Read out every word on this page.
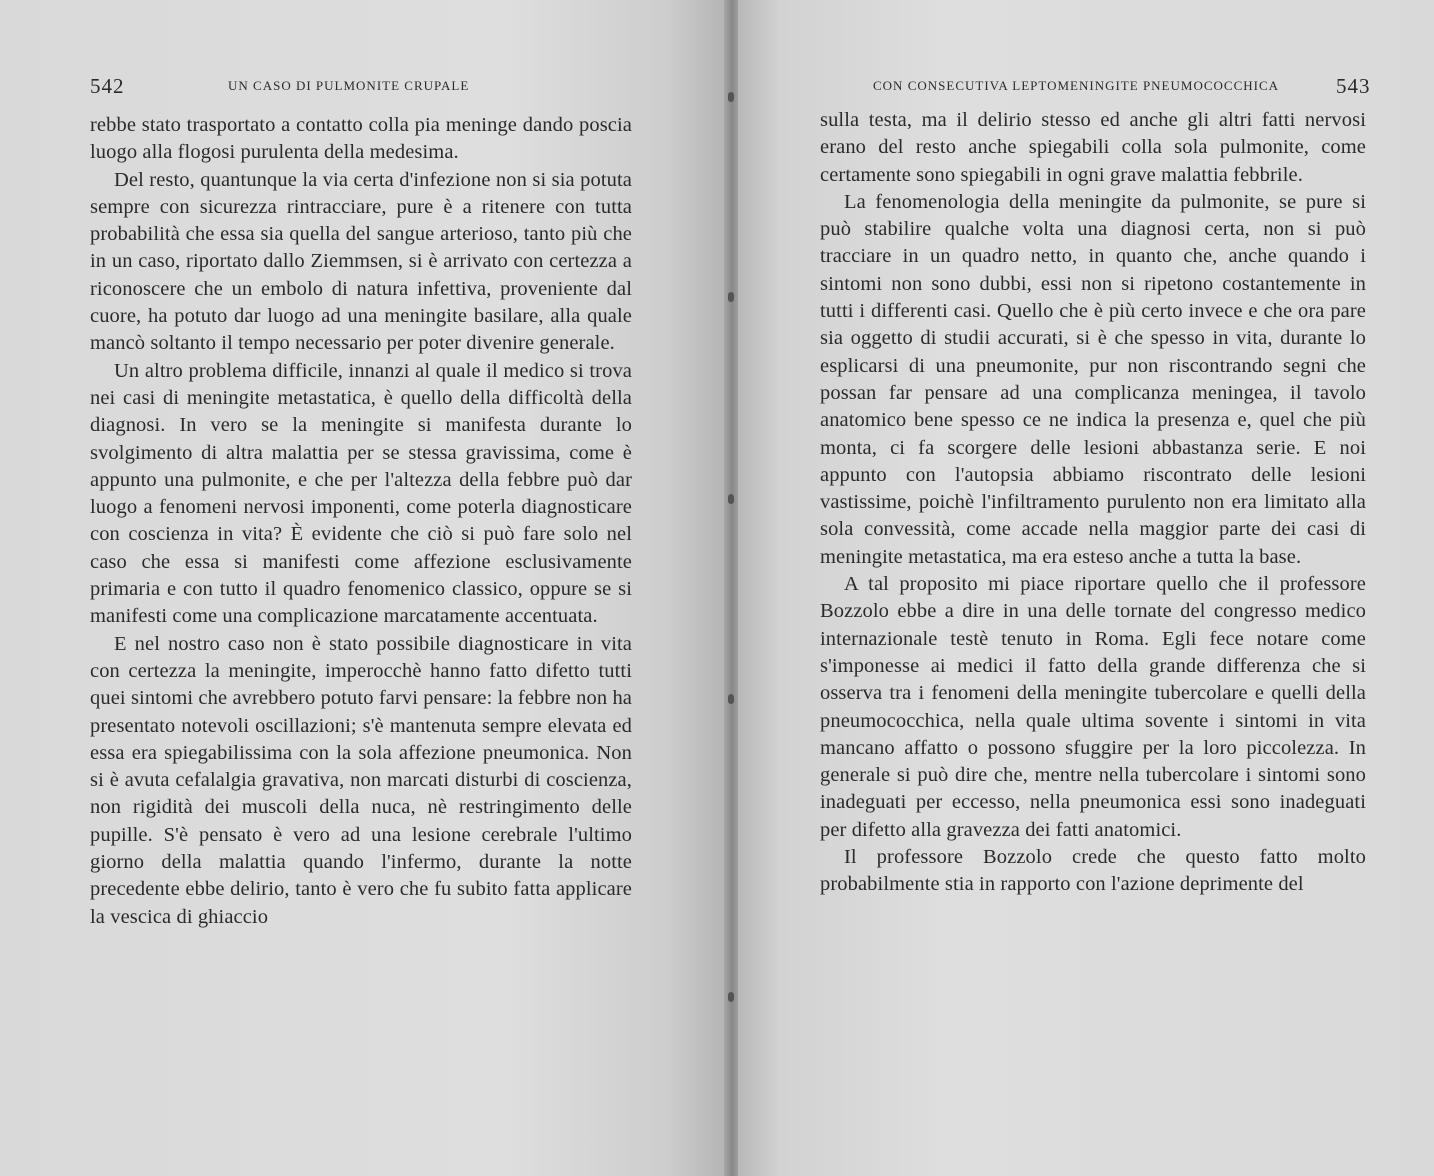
542	UN CASO DI PULMONITE CRUPALE

rebbe stato trasportato a contatto colla pia meninge dando poscia luogo alla flogosi purulenta della medesima.

Del resto, quantunque la via certa d'infezione non si sia potuta sempre con sicurezza rintracciare, pure è a ritenere con tutta probabilità che essa sia quella del sangue arterioso, tanto più che in un caso, riportato dallo Ziemmsen, si è arrivato con certezza a riconoscere che un embolo di natura infettiva, proveniente dal cuore, ha potuto dar luogo ad una meningite basilare, alla quale mancò soltanto il tempo necessario per poter divenire generale.

Un altro problema difficile, innanzi al quale il medico si trova nei casi di meningite metastatica, è quello della difficoltà della diagnosi. In vero se la meningite si manifesta durante lo svolgimento di altra malattia per se stessa gravissima, come è appunto una pulmonite, e che per l'altezza della febbre può dar luogo a fenomeni nervosi imponenti, come poterla diagnosticare con coscienza in vita? È evidente che ciò si può fare solo nel caso che essa si manifesti come affezione esclusivamente primaria e con tutto il quadro fenomenico classico, oppure se si manifesti come una complicazione marcatamente accentuata.

E nel nostro caso non è stato possibile diagnosticare in vita con certezza la meningite, imperocchè hanno fatto difetto tutti quei sintomi che avrebbero potuto farvi pensare: la febbre non ha presentato notevoli oscillazioni; s'è mantenuta sempre elevata ed essa era spiegabilissima con la sola affezione pneumonica. Non si è avuta cefalalgia gravativa, non marcati disturbi di coscienza, non rigidità dei muscoli della nuca, nè restringimento delle pupille. S'è pensato è vero ad una lesione cerebrale l'ultimo giorno della malattia quando l'infermo, durante la notte precedente ebbe delirio, tanto è vero che fu subito fatta applicare la vescica di ghiaccio

CON CONSECUTIVA LEPTOMENINGITE PNEUMOCOCCHICA	543

sulla testa, ma il delirio stesso ed anche gli altri fatti nervosi erano del resto anche spiegabili colla sola pulmonite, come certamente sono spiegabili in ogni grave malattia febbrile.

La fenomenologia della meningite da pulmonite, se pure si può stabilire qualche volta una diagnosi certa, non si può tracciare in un quadro netto, in quanto che, anche quando i sintomi non sono dubbi, essi non si ripetono costantemente in tutti i differenti casi. Quello che è più certo invece e che ora pare sia oggetto di studii accurati, si è che spesso in vita, durante lo esplicarsi di una pneumonite, pur non riscontrando segni che possan far pensare ad una complicanza meningea, il tavolo anatomico bene spesso ce ne indica la presenza e, quel che più monta, ci fa scorgere delle lesioni abbastanza serie. E noi appunto con l'autopsia abbiamo riscontrato delle lesioni vastissime, poichè l'infiltramento purulento non era limitato alla sola convessità, come accade nella maggior parte dei casi di meningite metastatica, ma era esteso anche a tutta la base.

A tal proposito mi piace riportare quello che il professore Bozzolo ebbe a dire in una delle tornate del congresso medico internazionale testè tenuto in Roma. Egli fece notare come s'imponesse ai medici il fatto della grande differenza che si osserva tra i fenomeni della meningite tubercolare e quelli della pneumococchica, nella quale ultima sovente i sintomi in vita mancano affatto o possono sfuggire per la loro piccolezza. In generale si può dire che, mentre nella tubercolare i sintomi sono inadeguati per eccesso, nella pneumonica essi sono inadeguati per difetto alla gravezza dei fatti anatomici.

Il professore Bozzolo crede che questo fatto molto probabilmente stia in rapporto con l'azione deprimente del
